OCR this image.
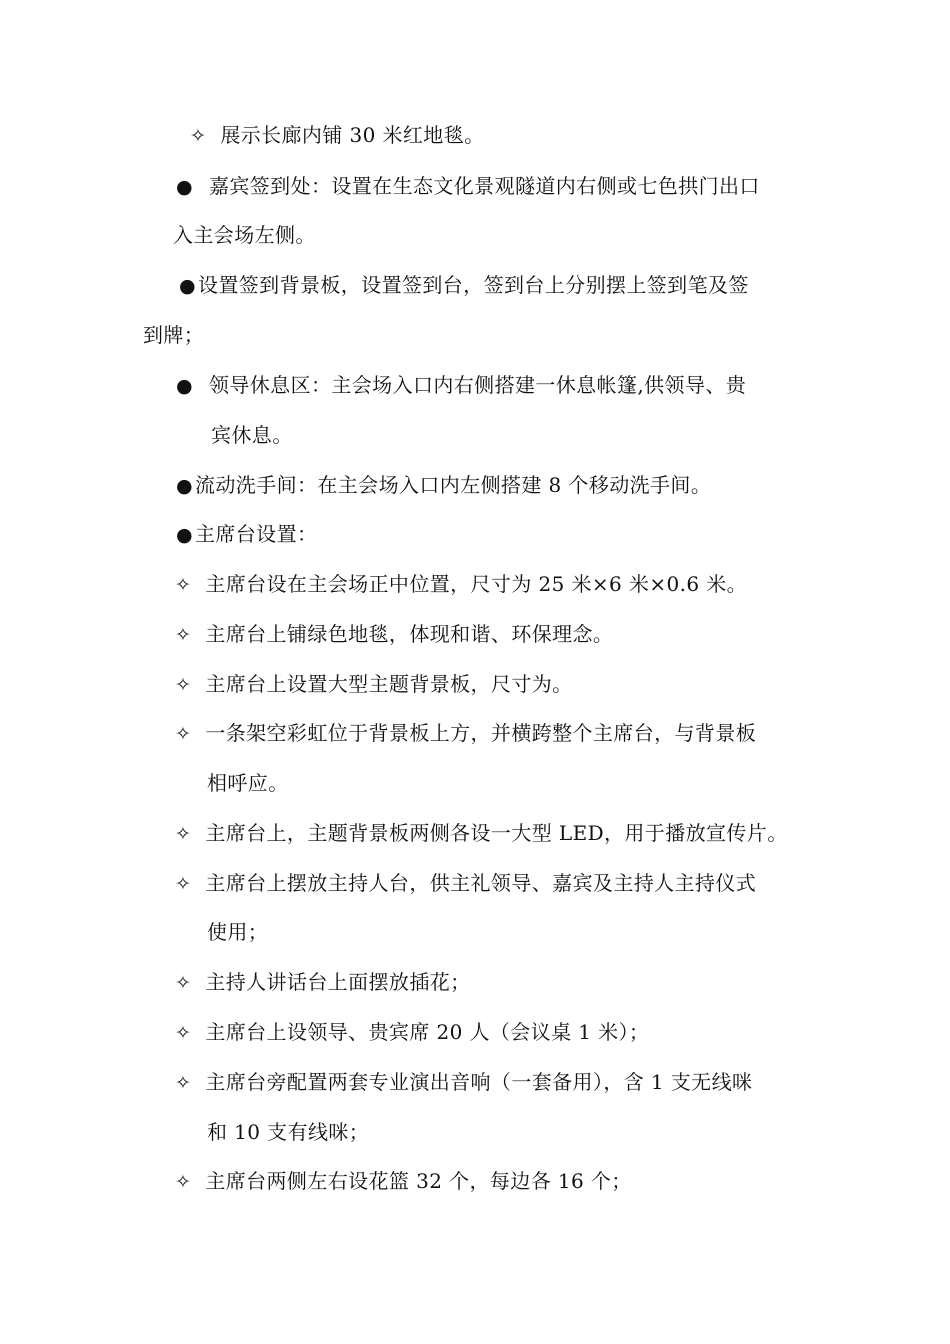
✧ 展示长廊内铺 30 米红地毯。
● 嘉宾签到处：设置在生态文化景观隧道内右侧或七色拱门出口
入主会场左侧。
● 设置签到背景板，设置签到台，签到台上分别摆上签到笔及签
到牌；
● 领导休息区：主会场入口内右侧搭建一休息帐篷,供领导、贵
宾休息。
● 流动洗手间：在主会场入口内左侧搭建 8 个移动洗手间。
● 主席台设置：
✧ 主席台设在主会场正中位置，尺寸为 25 米×6 米×0.6 米。
✧ 主席台上铺绿色地毯，体现和谐、环保理念。
✧ 主席台上设置大型主题背景板，尺寸为。
✧ 一条架空彩虹位于背景板上方，并横跨整个主席台，与背景板
相呼应。
✧ 主席台上，主题背景板两侧各设一大型 LED，用于播放宣传片。
✧ 主席台上摆放主持人台，供主礼领导、嘉宾及主持人主持仪式
使用；
✧ 主持人讲话台上面摆放插花；
✧ 主席台上设领导、贵宾席 20 人（会议桌 1 米）；
✧ 主席台旁配置两套专业演出音响（一套备用），含 1 支无线咪
和 10 支有线咪；
✧ 主席台两侧左右设花篮 32 个，每边各 16 个；
